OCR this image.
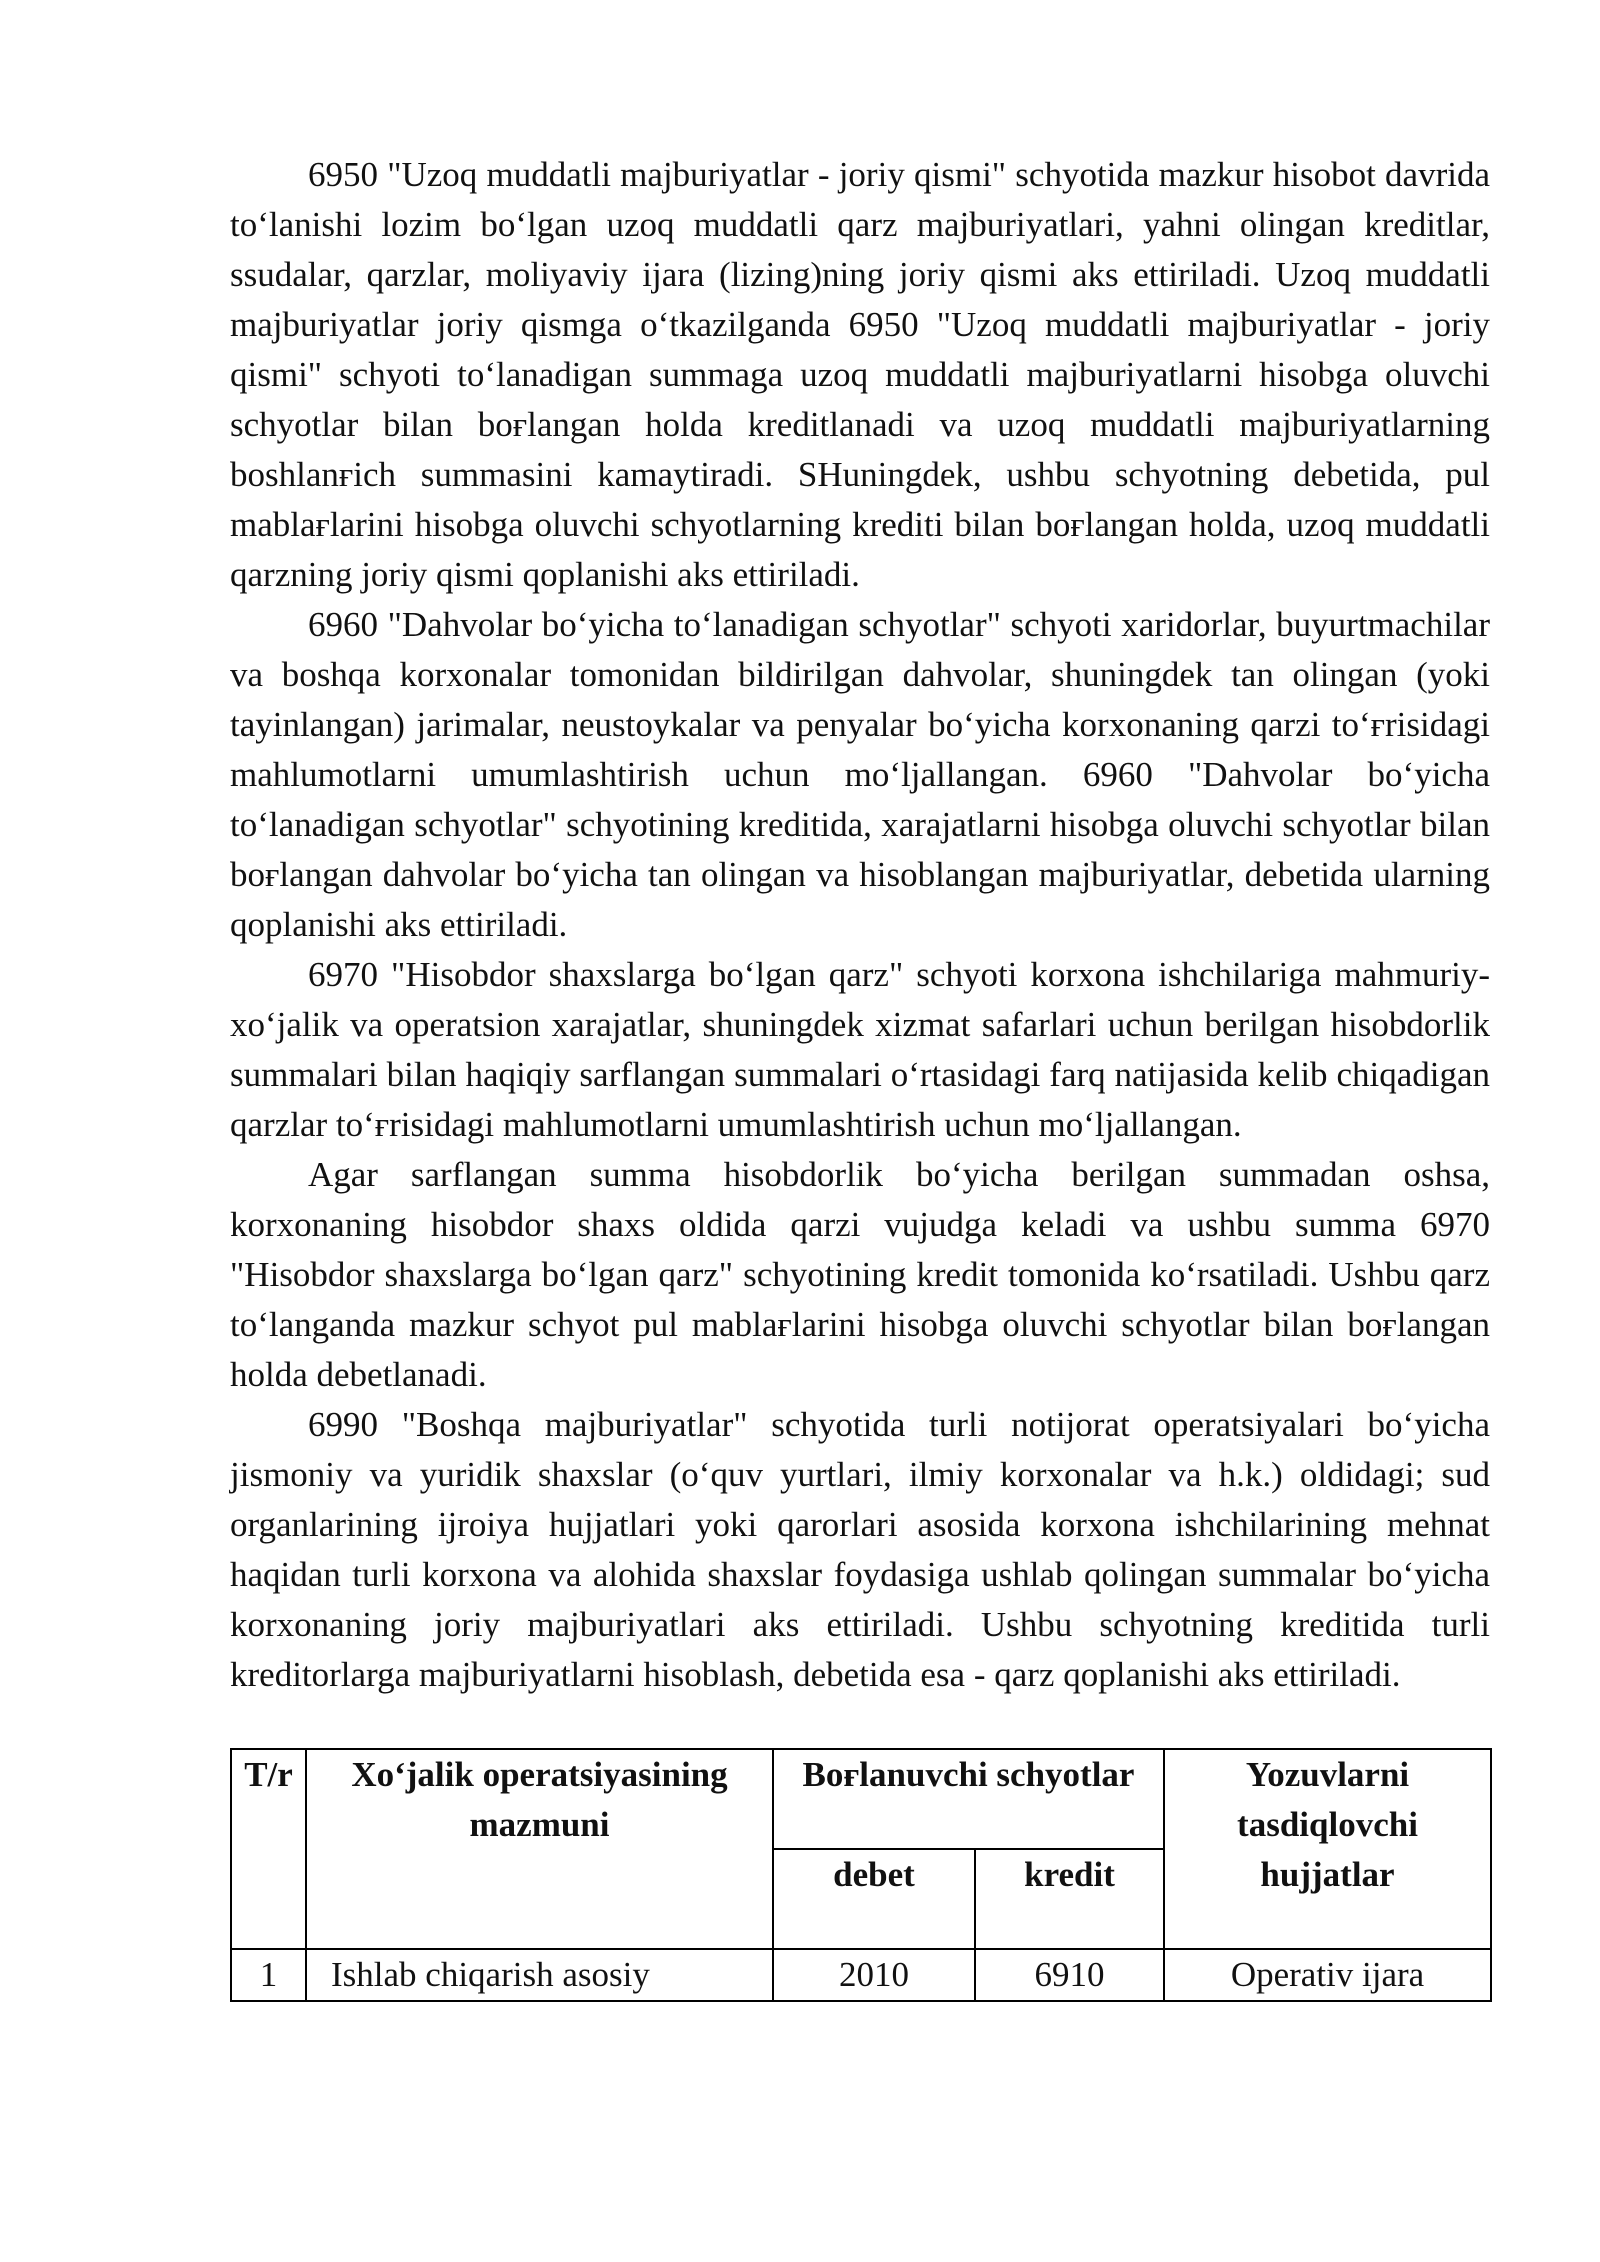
6950 "Uzoq muddatli majburiyatlar - joriy qismi" schyotida mazkur hisobot davrida toʻlanishi lozim boʻlgan uzoq muddatli qarz majburiyatlari, yahni olingan kreditlar, ssudalar, qarzlar, moliyaviy ijara (lizing)ning joriy qismi aks ettiriladi. Uzoq muddatli majburiyatlar joriy qismga oʻtkazilganda 6950 "Uzoq muddatli majburiyatlar - joriy qismi" schyoti toʻlanadigan summaga uzoq muddatli majburiyatlarni hisobga oluvchi schyotlar bilan boғlangan holda kreditlanadi va uzoq muddatli majburiyatlarning boshlanғich summasini kamaytiradi. SHuningdek, ushbu schyotning debetida, pul mablaғlarini hisobga oluvchi schyotlarning krediti bilan boғlangan holda, uzoq muddatli qarzning joriy qismi qoplanishi aks ettiriladi.

6960 "Dahvolar boʻyicha toʻlanadigan schyotlar" schyoti xaridorlar, buyurtmachilar va boshqa korxonalar tomonidan bildirilgan dahvolar, shuningdek tan olingan (yoki tayinlangan) jarimalar, neustoykalar va penyalar boʻyicha korxonaning qarzi toʻғrisidagi mahlumotlarni umumlashtirish uchun moʻljallangan. 6960 "Dahvolar boʻyicha toʻlanadigan schyotlar" schyotining kreditida, xarajatlarni hisobga oluvchi schyotlar bilan boғlangan dahvolar boʻyicha tan olingan va hisoblangan majburiyatlar, debetida ularning qoplanishi aks ettiriladi.

6970 "Hisobdor shaxslarga boʻlgan qarz" schyoti korxona ishchilariga mahmuriy-xoʻjalik va operatsion xarajatlar, shuningdek xizmat safarlari uchun berilgan hisobdorlik summalari bilan haqiqiy sarflangan summalari oʻrtasidagi farq natijasida kelib chiqadigan qarzlar toʻғrisidagi mahlumotlarni umumlashtirish uchun moʻljallangan.

Agar sarflangan summa hisobdorlik boʻyicha berilgan summadan oshsa, korxonaning hisobdor shaxs oldida qarzi vujudga keladi va ushbu summa 6970 "Hisobdor shaxslarga boʻlgan qarz" schyotining kredit tomonida koʻrsatiladi. Ushbu qarz toʻlanganda mazkur schyot pul mablaғlarini hisobga oluvchi schyotlar bilan boғlangan holda debetlanadi.

6990 "Boshqa majburiyatlar" schyotida turli notijorat operatsiyalari boʻyicha jismoniy va yuridik shaxslar (oʻquv yurtlari, ilmiy korxonalar va h.k.) oldidagi; sud organlarining ijroiya hujjatlari yoki qarorlari asosida korxona ishchilarining mehnat haqidan turli korxona va alohida shaxslar foydasiga ushlab qolingan summalar boʻyicha korxonaning joriy majburiyatlari aks ettiriladi. Ushbu schyotning kreditida turli kreditorlarga majburiyatlarni hisoblash, debetida esa - qarz qoplanishi aks ettiriladi.

T/r	Xoʻjalik operatsiyasining mazmuni	Boғlanuvchi schyotlar		Yozuvlarni tasdiqlovchi hujjatlar
		debet	kredit	
1	Ishlab chiqarish asosiy	2010	6910	Operativ ijara
